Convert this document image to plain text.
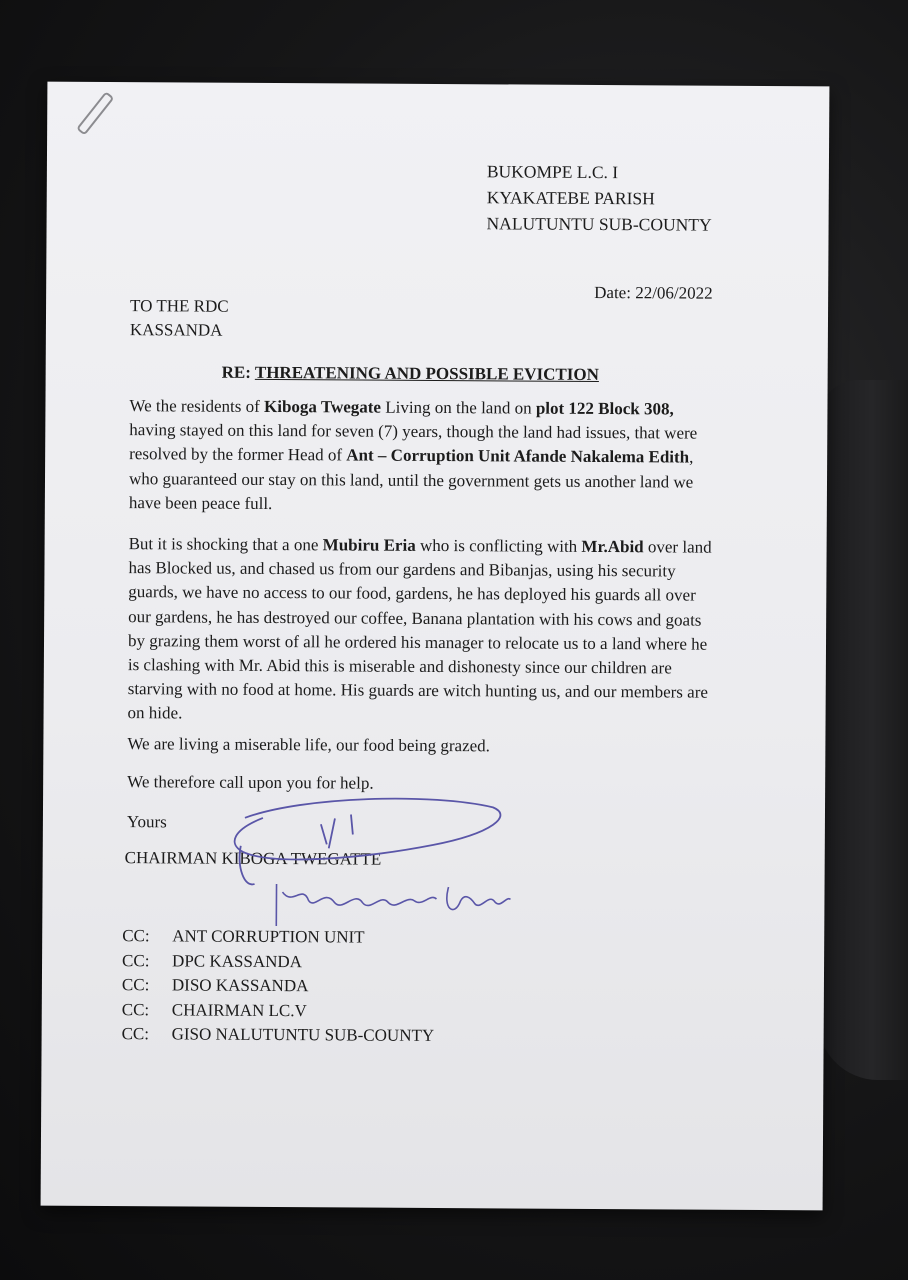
BUKOMPE L.C. I
KYAKATEBE PARISH
NALUTUNTU SUB-COUNTY
Date: 22/06/2022
TO THE RDC
KASSANDA
RE: THREATENING AND POSSIBLE EVICTION
We the residents of Kiboga Twegate Living on the land on plot 122 Block 308, having stayed on this land for seven (7) years, though the land had issues, that were resolved by the former Head of Ant – Corruption Unit Afande Nakalema Edith, who guaranteed our stay on this land, until the government gets us another land we have been peace full.
But it is shocking that a one Mubiru Eria who is conflicting with Mr.Abid over land has Blocked us, and chased us from our gardens and Bibanjas, using his security guards, we have no access to our food, gardens, he has deployed his guards all over our gardens, he has destroyed our coffee, Banana plantation with his cows and goats by grazing them worst of all he ordered his manager to relocate us to a land where he is clashing with Mr. Abid this is miserable and dishonesty since our children are starving with no food at home. His guards are witch hunting us, and our members are on hide.
We are living a miserable life, our food being grazed.
We therefore call upon you for help.
Yours
CHAIRMAN KIBOGA TWEGATTE
CC: ANT CORRUPTION UNIT
CC: DPC KASSANDA
CC: DISO KASSANDA
CC: CHAIRMAN LC.V
CC: GISO NALUTUNTU SUB-COUNTY
